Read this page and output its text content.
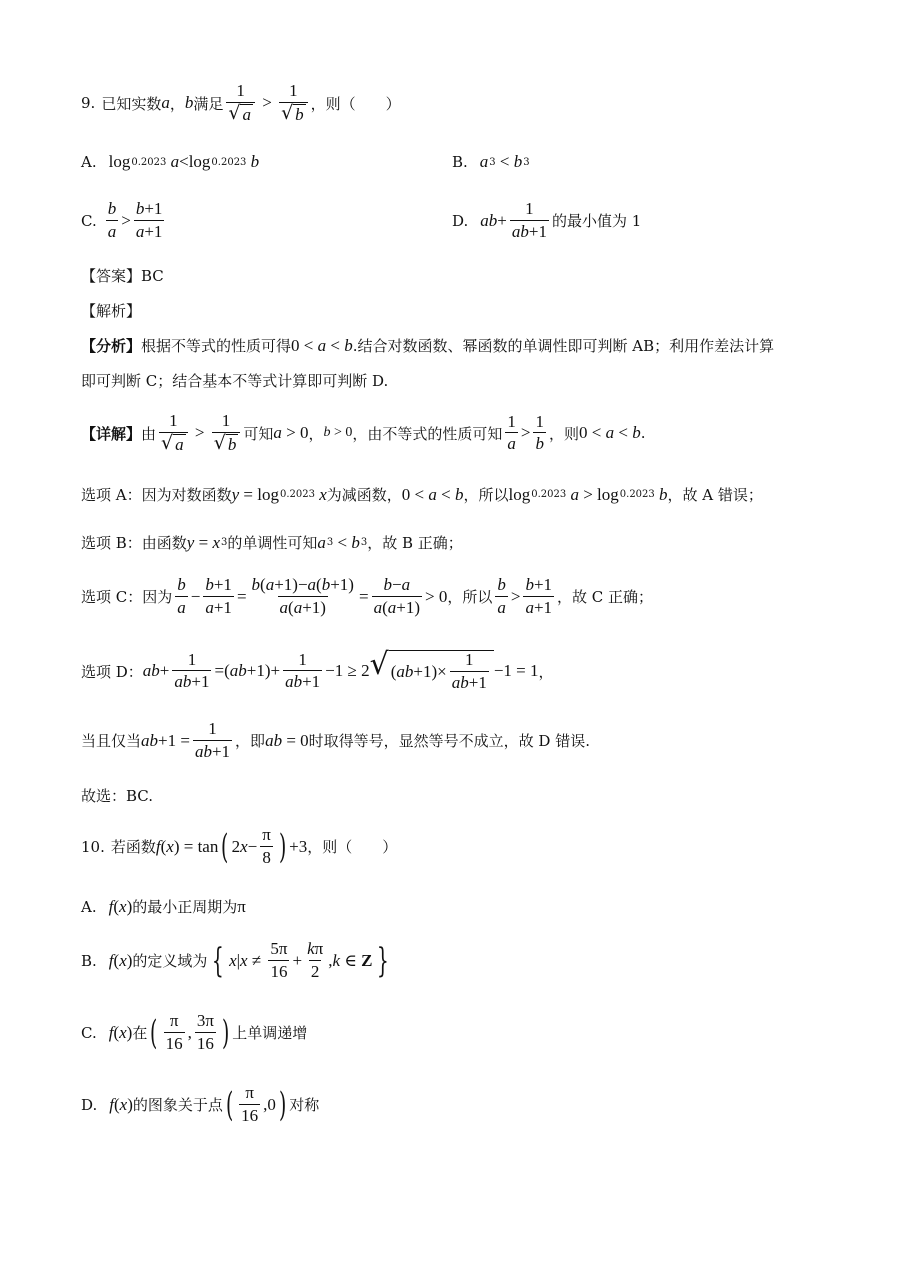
9. 已知实数 a ， b 满足 $\frac{1}{√ a} > \frac{1}{√ b}$ ，则（　　）
A. log 0.2023 a < log 0.2023 b	B. a 3 < b 3
C. $\frac{b}{a} > \frac{b+1}{a+1}$	D. ab + $\frac{1}{ab+1}$ 的最小值为 1
【答案】BC
【解析】
【分析】 根据不等式的性质可得 0 < a < b .结合对数函数、幂函数的单调性即可判断 AB；利用作差法计算
即可判断 C；结合基本不等式计算即可判断 D.
【详解】 由 $\frac{1}{√ a} > \frac{1}{√ b}$ 可知 a > 0 ， b > 0 ，由不等式的性质可知 $\frac{1}{a} > \frac{1}{b}$ ，则 0 < a < b .
选项 A：因为对数函数 y = log 0.2023 x 为减函数， 0 < a < b ，所以 log 0.2023 a > log 0.2023 b ，故 A 错误；
选项 B：由函数 y = x 3 的单调性可知 a 3 < b 3 ，故 B 正确；
选项 C：因为 $\frac{b}{a} - \frac{b+1}{a+1} = \frac{b(a+1)-a(b+1)}{a(a+1)} = \frac{b-a}{a(a+1)} > 0$ ，所以 $\frac{b}{a} > \frac{b+1}{a+1}$ ，故 C 正确；
选项 D： ab + $\frac{1}{ab+1}$ =( ab $+1)+ \frac{1}{ab+1} -1 \ge 2$ √ ( ab $+1)\times \frac{1}{ab+1} -1 = 1$ ，
当且仅当 ab $+1 = \frac{1}{ab+1}$ ，即 ab = 0 时取得等号，显然等号不成立，故 D 错误.
故选：BC.
10. 若函数 f ( x ) = tan ( 2 $x - \frac{\pi}{8}$ ) +3 ，则（　　）
A. f ( x ) 的最小正周期为 π
B. f ( x ) 的定义域为 { x | $x \ne \frac{5\pi}{16} + \frac{k\pi}{2}$ , k ∈ Z }
C. f ( x ) 在 ( $\frac{\pi}{16}$ , $\frac{3\pi}{16}$ ) 上单调递增
D. f ( x ) 的图象关于点 ( $\frac{\pi}{16} ,0$ ) 对称
